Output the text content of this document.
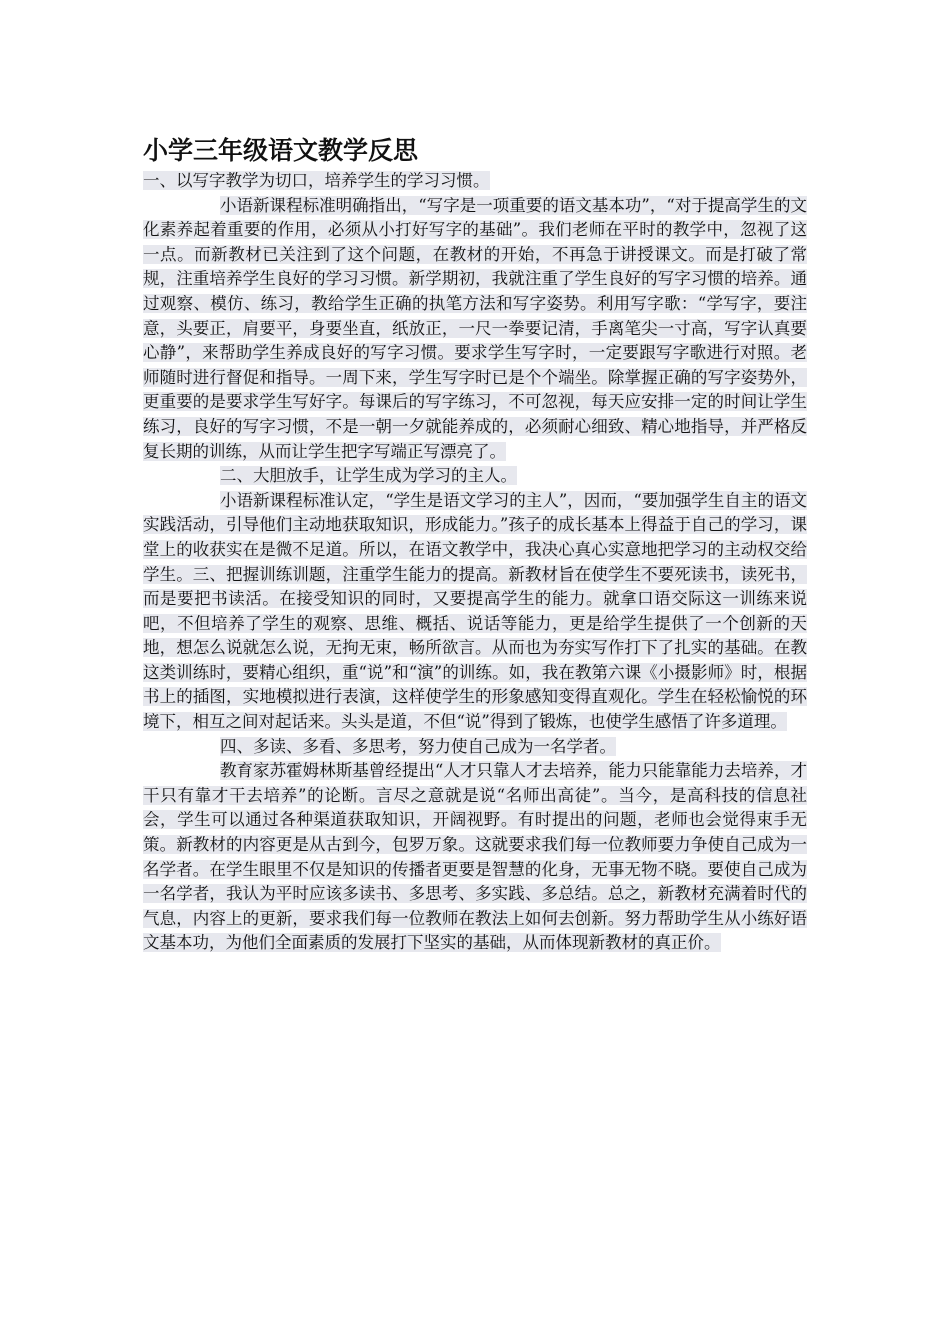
小学三年级语文教学反思

一、以写字教学为切口，培养学生的学习习惯。

小语新课程标准明确指出，“写字是一项重要的语文基本功”，“对于提高学生的文化素养起着重要的作用，必须从小打好写字的基础”。我们老师在平时的教学中，忽视了这一点。而新教材已关注到了这个问题，在教材的开始，不再急于讲授课文。而是打破了常规，注重培养学生良好的学习习惯。新学期初，我就注重了学生良好的写字习惯的培养。通过观察、模仿、练习，教给学生正确的执笔方法和写字姿势。利用写字歌：“学写字，要注意，头要正，肩要平，身要坐直，纸放正，一尺一拳要记清，手离笔尖一寸高，写字认真要心静”，来帮助学生养成良好的写字习惯。要求学生写字时，一定要跟写字歌进行对照。老师随时进行督促和指导。一周下来，学生写字时已是个个端坐。除掌握正确的写字姿势外，更重要的是要求学生写好字。每课后的写字练习，不可忽视，每天应安排一定的时间让学生练习，良好的写字习惯，不是一朝一夕就能养成的，必须耐心细致、精心地指导，并严格反复长期的训练，从而让学生把字写端正写漂亮了。

二、大胆放手，让学生成为学习的主人。

小语新课程标准认定，“学生是语文学习的主人”，因而，“要加强学生自主的语文实践活动，引导他们主动地获取知识，形成能力。”孩子的成长基本上得益于自己的学习，课堂上的收获实在是微不足道。所以，在语文教学中，我决心真心实意地把学习的主动权交给学生。三、把握训练训题，注重学生能力的提高。新教材旨在使学生不要死读书，读死书，而是要把书读活。在接受知识的同时，又要提高学生的能力。就拿口语交际这一训练来说吧，不但培养了学生的观察、思维、概括、说话等能力，更是给学生提供了一个创新的天地，想怎么说就怎么说，无拘无束，畅所欲言。从而也为夯实写作打下了扎实的基础。在教这类训练时，要精心组织，重“说”和“演”的训练。如，我在教第六课《小摄影师》时，根据书上的插图，实地模拟进行表演，这样使学生的形象感知变得直观化。学生在轻松愉悦的环境下，相互之间对起话来。头头是道，不但“说”得到了锻炼，也使学生感悟了许多道理。

四、多读、多看、多思考，努力使自己成为一名学者。

教育家苏霍姆林斯基曾经提出“人才只靠人才去培养，能力只能靠能力去培养，才干只有靠才干去培养”的论断。言尽之意就是说“名师出高徒”。当今，是高科技的信息社会，学生可以通过各种渠道获取知识，开阔视野。有时提出的问题，老师也会觉得束手无策。新教材的内容更是从古到今，包罗万象。这就要求我们每一位教师要力争使自己成为一名学者。在学生眼里不仅是知识的传播者更要是智慧的化身，无事无物不晓。要使自己成为一名学者，我认为平时应该多读书、多思考、多实践、多总结。总之，新教材充满着时代的气息，内容上的更新，要求我们每一位教师在教法上如何去创新。努力帮助学生从小练好语文基本功，为他们全面素质的发展打下坚实的基础，从而体现新教材的真正价。
